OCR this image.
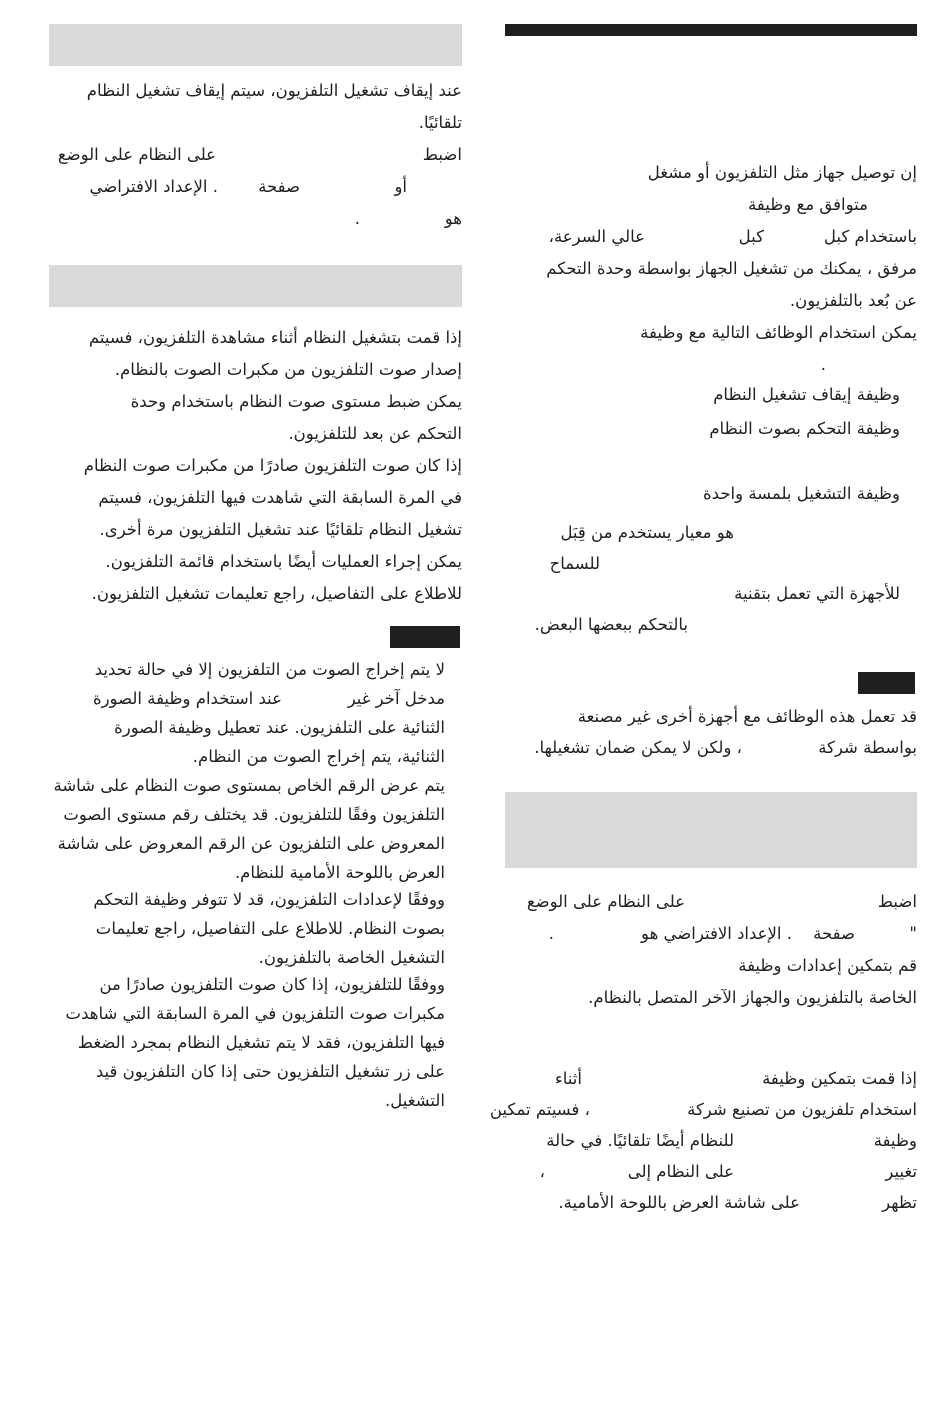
إن توصيل جهاز مثل التلفزيون أو مشغل
متوافق مع وظيفة
باستخدام كبل
كبل
عالي السرعة،
مرفق ، يمكنك من تشغيل الجهاز بواسطة وحدة التحكم
عن بُعد بالتلفزيون.
يمكن استخدام الوظائف التالية مع وظيفة
.
وظيفة إيقاف تشغيل النظام
وظيفة التحكم بصوت النظام
وظيفة التشغيل بلمسة واحدة
هو معيار يستخدم من قِبَل
للسماح
للأجهزة التي تعمل بتقنية
بالتحكم ببعضها البعض.
قد تعمل هذه الوظائف مع أجهزة أخرى غير مصنعة
بواسطة شركة
، ولكن لا يمكن ضمان تشغيلها.
اضبط
على النظام على الوضع
"
صفحة
. الإعداد الافتراضي هو
.
قم بتمكين إعدادات وظيفة
الخاصة بالتلفزيون والجهاز الآخر المتصل بالنظام.
إذا قمت بتمكين وظيفة
أثناء
استخدام تلفزيون من تصنيع شركة
، فسيتم تمكين
وظيفة
للنظام أيضًا تلقائيًا. في حالة
تغيير
على النظام إلى
،
تظهر
على شاشة العرض باللوحة الأمامية.
عند إيقاف تشغيل التلفزيون، سيتم إيقاف تشغيل النظام
تلقائيًا.
اضبط
على النظام على الوضع
أو
صفحة
. الإعداد الافتراضي
هو
.
إذا قمت بتشغيل النظام أثناء مشاهدة التلفزيون، فسيتم
إصدار صوت التلفزيون من مكبرات الصوت بالنظام.
يمكن ضبط مستوى صوت النظام باستخدام وحدة
التحكم عن بعد للتلفزيون.
إذا كان صوت التلفزيون صادرًا من مكبرات صوت النظام
في المرة السابقة التي شاهدت فيها التلفزيون، فسيتم
تشغيل النظام تلقائيًا عند تشغيل التلفزيون مرة أخرى.
يمكن إجراء العمليات أيضًا باستخدام قائمة التلفزيون.
للاطلاع على التفاصيل، راجع تعليمات تشغيل التلفزيون.
لا يتم إخراج الصوت من التلفزيون إلا في حالة تحديد
مدخل آخر غير
عند استخدام وظيفة الصورة
الثنائية على التلفزيون. عند تعطيل وظيفة الصورة
الثنائية، يتم إخراج الصوت من النظام.
يتم عرض الرقم الخاص بمستوى صوت النظام على شاشة
التلفزيون وفقًا للتلفزيون. قد يختلف رقم مستوى الصوت
المعروض على التلفزيون عن الرقم المعروض على شاشة
العرض باللوحة الأمامية للنظام.
ووفقًا لإعدادات التلفزيون، قد لا تتوفر وظيفة التحكم
بصوت النظام. للاطلاع على التفاصيل، راجع تعليمات
التشغيل الخاصة بالتلفزيون.
ووفقًا للتلفزيون، إذا كان صوت التلفزيون صادرًا من
مكبرات صوت التلفزيون في المرة السابقة التي شاهدت
فيها التلفزيون، فقد لا يتم تشغيل النظام بمجرد الضغط
على زر تشغيل التلفزيون حتى إذا كان التلفزيون قيد
التشغيل.
